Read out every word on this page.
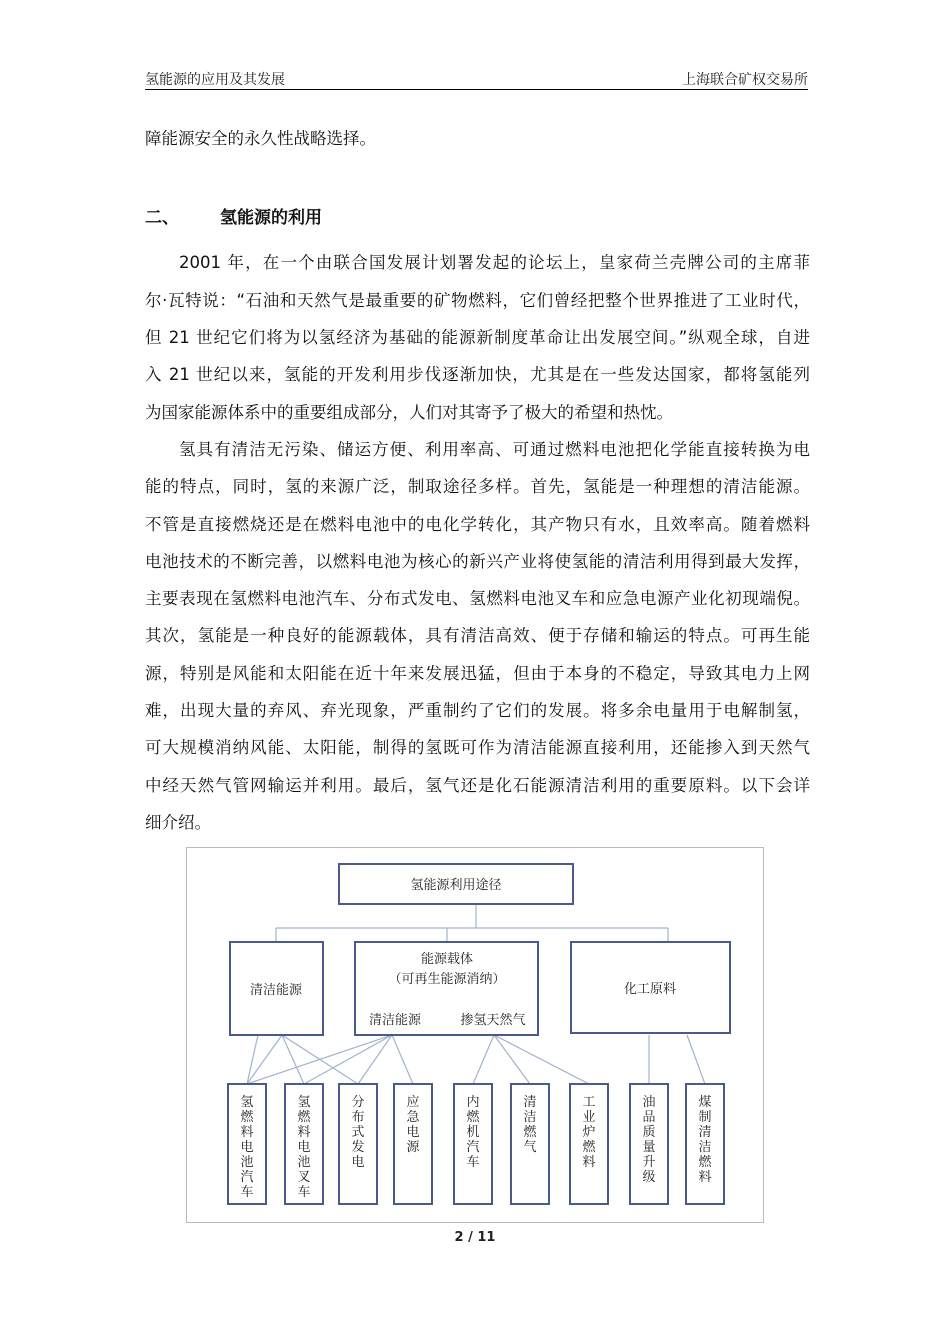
氢能源的应用及其发展	上海联合矿权交易所
障能源安全的永久性战略选择。
二、 氢能源的利用
2001 年，在一个由联合国发展计划署发起的论坛上，皇家荷兰壳牌公司的主席菲
尔·瓦特说：“石油和天然气是最重要的矿物燃料，它们曾经把整个世界推进了工业时代，
但 21 世纪它们将为以氢经济为基础的能源新制度革命让出发展空间。”纵观全球，自进
入 21 世纪以来，氢能的开发利用步伐逐渐加快，尤其是在一些发达国家，都将氢能列
为国家能源体系中的重要组成部分，人们对其寄予了极大的希望和热忱。
氢具有清洁无污染、储运方便、利用率高、可通过燃料电池把化学能直接转换为电
能的特点，同时，氢的来源广泛，制取途径多样。首先，氢能是一种理想的清洁能源。
不管是直接燃烧还是在燃料电池中的电化学转化，其产物只有水，且效率高。随着燃料
电池技术的不断完善，以燃料电池为核心的新兴产业将使氢能的清洁利用得到最大发挥，
主要表现在氢燃料电池汽车、分布式发电、氢燃料电池叉车和应急电源产业化初现端倪。
其次，氢能是一种良好的能源载体，具有清洁高效、便于存储和输运的特点。可再生能
源，特别是风能和太阳能在近十年来发展迅猛，但由于本身的不稳定，导致其电力上网
难，出现大量的弃风、弃光现象，严重制约了它们的发展。将多余电量用于电解制氢，
可大规模消纳风能、太阳能，制得的氢既可作为清洁能源直接利用，还能掺入到天然气
中经天然气管网输运并利用。最后，氢气还是化石能源清洁利用的重要原料。以下会详
细介绍。
氢能源利用途径
清洁能源
能源载体
（可再生能源消纳）
清洁能源	掺氢天然气
化工原料
氢燃料电池汽车
氢燃料电池叉车
分布式发电
应急电源
内燃机汽车
清洁燃气
工业炉燃料
油品质量升级
煤制清洁燃料
2 / 11
